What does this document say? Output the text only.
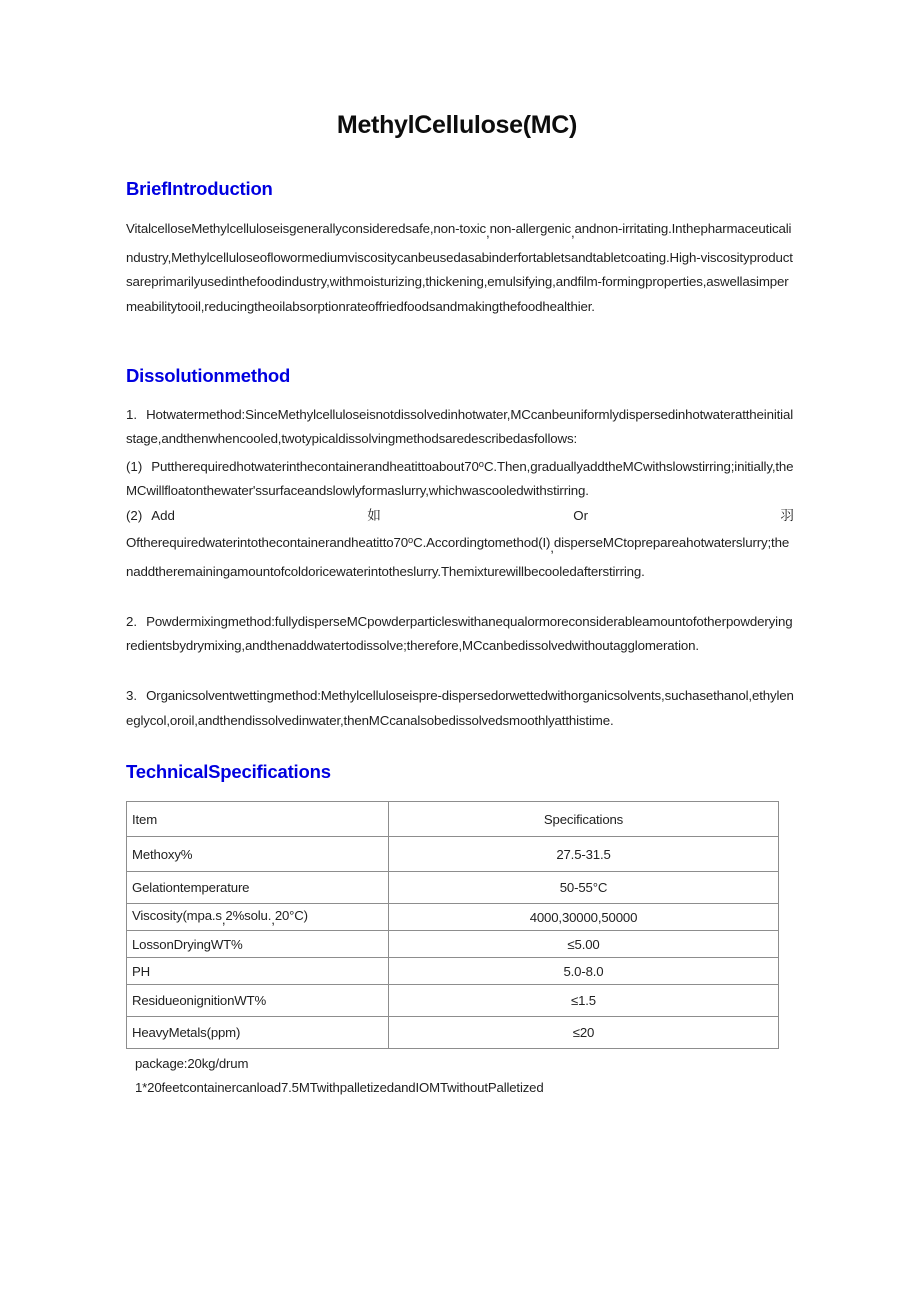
MethylCellulose(MC)
BriefIntroduction

VitalcelloseMethylcelluloseisgenerallyconsideredsafe,non-toxic,non-allergenic,andnon-irritating.Inthepharmaceuticalindustry,Methylcelluloseoflowormediumviscositycanbeusedasabinderfortabletsandtabletcoating.High-viscosityproductsareprimarilyusedinthefoodindustry,withmoisturizing,thickening,emulsifying,andfilm-formingproperties,aswellasimpermeabilitytooil,reducingtheoilabsorptionrateoffriedfoodsandmakingthefoodhealthier.

Dissolutionmethod

1. Hotwatermethod:SinceMethylcelluloseisnotdissolvedinhotwater,MCcanbeuniformlydispersedinhotwaterattheinitialstage,andthenwhencooled,twotypicaldissolvingmethodsaredescribedasfollows:

(1) Puttherequiredhotwaterinthecontainerandheatittoabout70$^o$C.Then,graduallyaddtheMCwithslowstirring;initially,theMCwillfloatonthewater'ssurfaceandslowlyformaslurry,whichwascooledwithstirring.

(2) Add	如	Or	羽

Oftherequiredwaterintothecontainerandheatitto70$^o$C.Accordingtomethod(I),disperseMCtoprepareahotwaterslurry;thenaddtheremainingamountofcoldoricewaterintotheslurry.Themixturewillbecooledafterstirring.

2. Powdermixingmethod:fullydisperseMCpowderparticleswithanequalormoreconsiderableamountofotherpowderyingredientsbydrymixing,andthenaddwatertodissolve;therefore,MCcanbedissolvedwithoutagglomeration.

3. Organicsolventwettingmethod:Methylcelluloseispre-dispersedorwettedwithorganicsolvents,suchasethanol,ethyleneglycol,oroil,andthendissolvedinwater,thenMCcanalsobedissolvedsmoothlyatthistime.

TechnicalSpecifications
Item	Specifications
Methoxy%	27.5-31.5
Gelationtemperature	50-55°C
Viscosity(mpa.s,2%solu.,20°C)	4000,30000,50000
LossonDryingWT%	≤5.00
PH	5.0-8.0
ResidueonignitionWT%	≤1.5
HeavyMetals(ppm)	≤20

package:20kg/drum

1*20feetcontainercanload7.5MTwithpalletizedandIOMTwithoutPalletized
